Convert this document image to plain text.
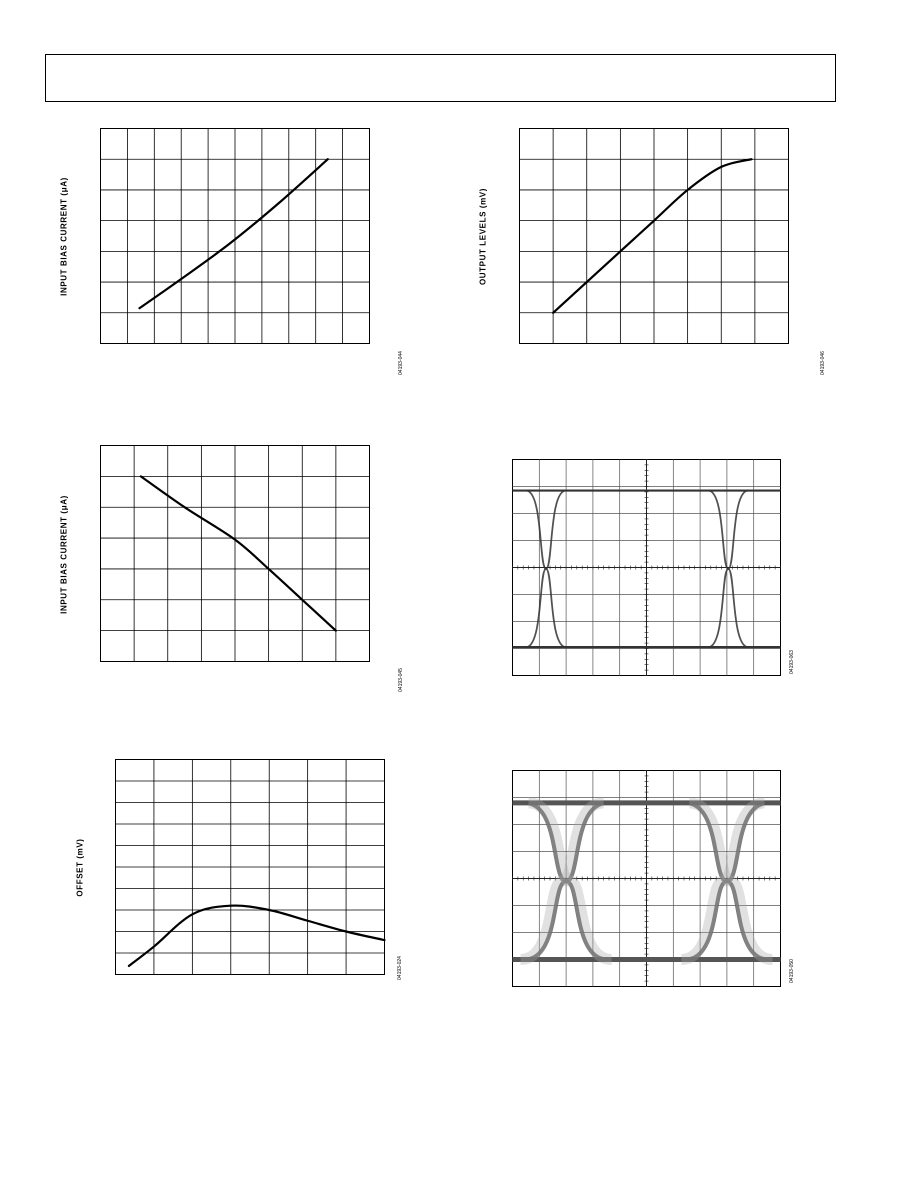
INPUT BIAS CURRENT (μA)
04193-044
INPUT BIAS CURRENT (μA)
04193-045
OFFSET (mV)
04193-024
OUTPUT LEVELS (mV)
04193-046
04193-063
04193-050
